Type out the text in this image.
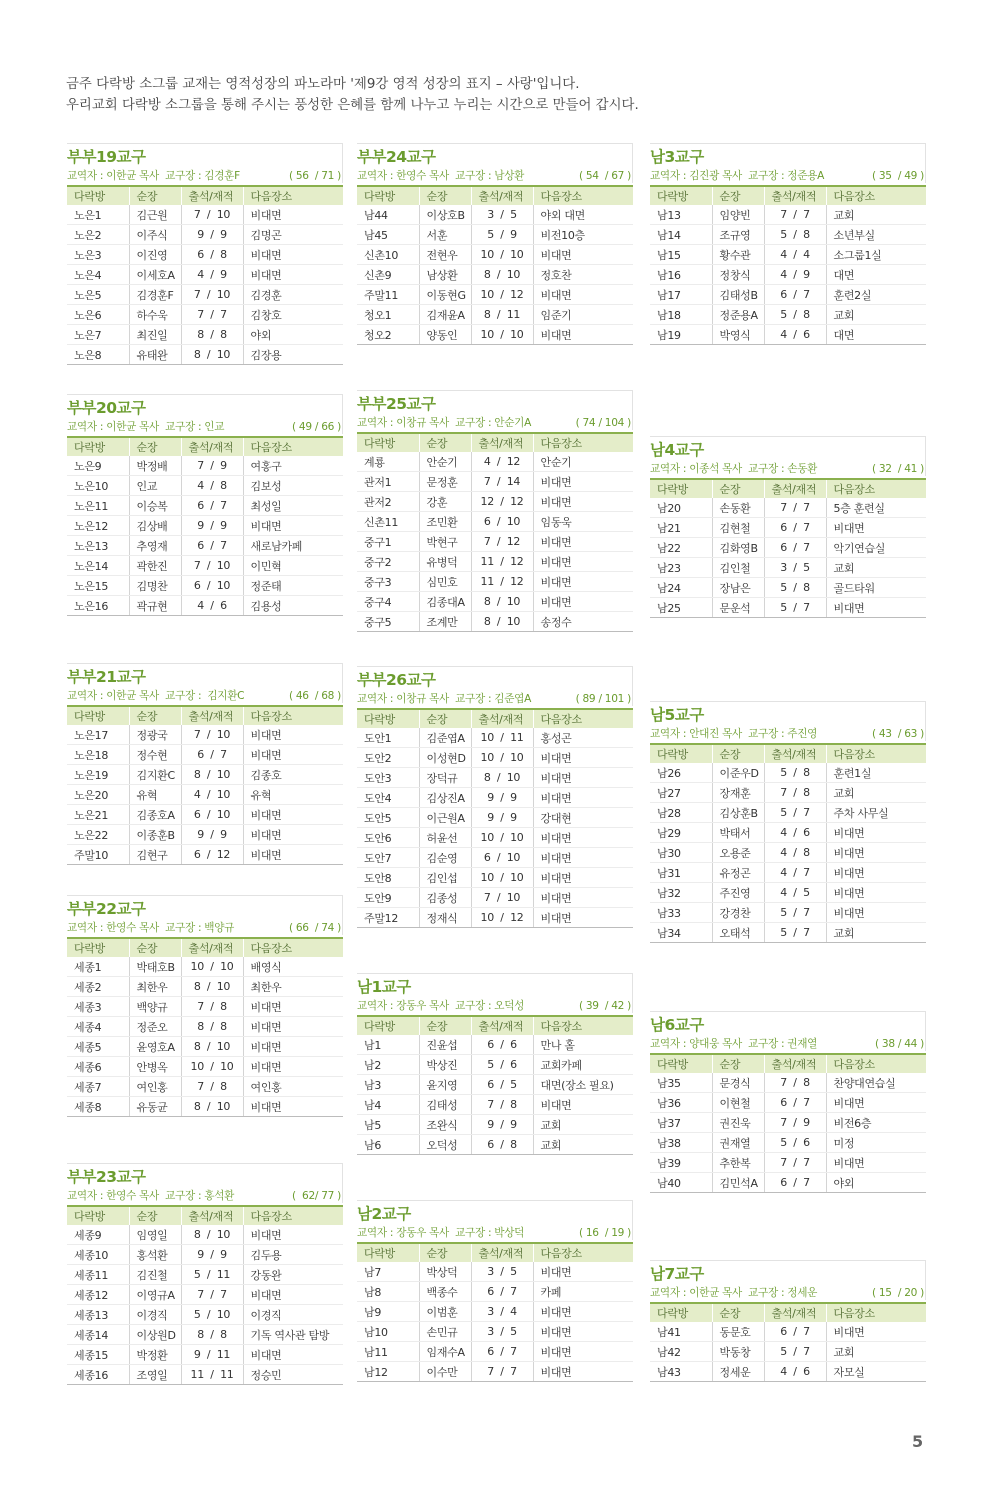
금주 다락방 소그룹 교재는 영적성장의 파노라마 '제9강 영적 성장의 표지 – 사랑'입니다.
우리교회 다락방 소그룹을 통해 주시는 풍성한 은혜를 함께 나누고 누리는 시간으로 만들어 갑시다.
부부19교구
교역자 : 이한균 목사  교구장 : 김경훈F	( 56  / 71 )
다락방	순장	출석/재적	다음장소
노은1	김근원	7  /  10	비대면
노은2	이주식	9  /  9	김명곤
노은3	이진영	6  /  8	비대면
노은4	이세호A	4  /  9	비대면
노은5	김경훈F	7  /  10	김경훈
노은6	하수욱	7  /  7	김창호
노은7	최진일	8  /  8	야외
노은8	유태완	8  /  10	김장용
부부20교구
교역자 : 이한균 목사  교구장 : 인교	( 49 / 66 )
다락방	순장	출석/재적	다음장소
노은9	박정배	7  /  9	여홍구
노은10	인교	4  /  8	김보성
노은11	이승복	6  /  7	최성일
노은12	김상배	9  /  9	비대면
노은13	추영재	6  /  7	새로남카페
노은14	곽한진	7  /  10	이민혁
노은15	김명찬	6  /  10	정준태
노은16	곽규현	4  /  6	김용성
부부21교구
교역자 : 이한균 목사  교구장 :  김지환C	( 46  / 68 )
다락방	순장	출석/재적	다음장소
노은17	정광국	7  /  10	비대면
노은18	정수현	6  /  7	비대면
노은19	김지환C	8  /  10	김종호
노은20	유혁	4  /  10	유혁
노은21	김종호A	6  /  10	비대면
노은22	이종훈B	9  /  9	비대면
주말10	김현구	6  /  12	비대면
부부22교구
교역자 : 한영수 목사  교구장 : 백양규	( 66  / 74 )
다락방	순장	출석/재적	다음장소
세종1	박태호B	10  /  10	배영식
세종2	최한우	8  /  10	최한우
세종3	백양규	7  /  8	비대면
세종4	정준오	8  /  8	비대면
세종5	윤영호A	8  /  10	비대면
세종6	안병옥	10  /  10	비대면
세종7	여인홍	7  /  8	여인홍
세종8	유동균	8  /  10	비대면
부부23교구
교역자 : 한영수 목사  교구장 : 홍석환	(  62/ 77 )
다락방	순장	출석/재적	다음장소
세종9	임영일	8  /  10	비대면
세종10	홍석환	9  /  9	김두용
세종11	김진철	5  /  11	강동완
세종12	이영규A	7  /  7	비대면
세종13	이경직	5  /  10	이경직
세종14	이상원D	8  /  8	기독 역사관 탐방
세종15	박정환	9  /  11	비대면
세종16	조영일	11  /  11	정승민
부부24교구
교역자 : 한영수 목사  교구장 : 남상환	( 54  / 67 )
다락방	순장	출석/재적	다음장소
남44	이상호B	3  /  5	야외 대면
남45	서훈	5  /  9	비전10층
신촌10	전현우	10  /  10	비대면
신촌9	남상환	8  /  10	정호찬
주말11	이동현G	10  /  12	비대면
청오1	김재윤A	8  /  11	임준기
청오2	양동인	10  /  10	비대면
부부25교구
교역자 : 이창규 목사  교구장 : 안순기A	( 74 / 104 )
다락방	순장	출석/재적	다음장소
계룡	안순기	4  /  12	안순기
관저1	문정훈	7  /  14	비대면
관저2	강훈	12  /  12	비대면
신촌11	조민환	6  /  10	임동욱
중구1	박현구	7  /  12	비대면
중구2	유병덕	11  /  12	비대면
중구3	심민호	11  /  12	비대면
중구4	김종대A	8  /  10	비대면
중구5	조계만	8  /  10	송정수
부부26교구
교역자 : 이창규 목사  교구장 : 김준엽A	( 89 / 101 )
다락방	순장	출석/재적	다음장소
도안1	김준엽A	10  /  11	홍성곤
도안2	이성현D	10  /  10	비대면
도안3	장덕규	8  /  10	비대면
도안4	김상진A	9  /  9	비대면
도안5	이근원A	9  /  9	강대현
도안6	허윤선	10  /  10	비대면
도안7	김순영	6  /  10	비대면
도안8	김인섭	10  /  10	비대면
도안9	김종성	7  /  10	비대면
주말12	정재식	10  /  12	비대면
남1교구
교역자 : 장동우 목사  교구장 : 오덕성	( 39  / 42 )
다락방	순장	출석/재적	다음장소
남1	진윤섭	6  /  6	만나 홀
남2	박상진	5  /  6	교회카페
남3	윤지영	6  /  5	대면(장소 필요)
남4	김태성	7  /  8	비대면
남5	조완식	9  /  9	교회
남6	오덕성	6  /  8	교회
남2교구
교역자 : 장동우 목사  교구장 : 박상덕	( 16  / 19 )
다락방	순장	출석/재적	다음장소
남7	박상덕	3  /  5	비대면
남8	백종수	6  /  7	카페
남9	이범훈	3  /  4	비대면
남10	손민규	3  /  5	비대면
남11	임재수A	6  /  7	비대면
남12	이수만	7  /  7	비대면
남3교구
교역자 : 김진광 목사  교구장 : 정준용A	( 35  / 49 )
다락방	순장	출석/재적	다음장소
남13	임양빈	7  /  7	교회
남14	조규영	5  /  8	소년부실
남15	황수관	4  /  4	소그룹1실
남16	정창식	4  /  9	대면
남17	김태성B	6  /  7	훈련2실
남18	정준용A	5  /  8	교회
남19	박영식	4  /  6	대면
남4교구
교역자 : 이종석 목사  교구장 : 손동환	( 32  / 41 )
다락방	순장	출석/재적	다음장소
남20	손동환	7  /  7	5층 훈련실
남21	김현철	6  /  7	비대면
남22	김화영B	6  /  7	악기연습실
남23	김인철	3  /  5	교회
남24	장남은	5  /  8	골드타워
남25	문운석	5  /  7	비대면
남5교구
교역자 : 안대진 목사  교구장 : 주진영	( 43  / 63 )
다락방	순장	출석/재적	다음장소
남26	이준우D	5  /  8	훈련1실
남27	장재훈	7  /  8	교회
남28	김상훈B	5  /  7	주차 사무실
남29	박태서	4  /  6	비대면
남30	오용준	4  /  8	비대면
남31	유정곤	4  /  7	비대면
남32	주진영	4  /  5	비대면
남33	강경찬	5  /  7	비대면
남34	오태석	5  /  7	교회
남6교구
교역자 : 양대웅 목사  교구장 : 권재열	( 38 / 44 )
다락방	순장	출석/재적	다음장소
남35	문경식	7  /  8	찬양대연습실
남36	이현철	6  /  7	비대면
남37	권진욱	7  /  9	비전6층
남38	권재열	5  /  6	미정
남39	추한복	7  /  7	비대면
남40	김민석A	6  /  7	야외
남7교구
교역자 : 이한균 목사  교구장 : 정세운	( 15  / 20 )
다락방	순장	출석/재적	다음장소
남41	동문호	6  /  7	비대면
남42	박동창	5  /  7	교회
남43	정세운	4  /  6	자모실
5
